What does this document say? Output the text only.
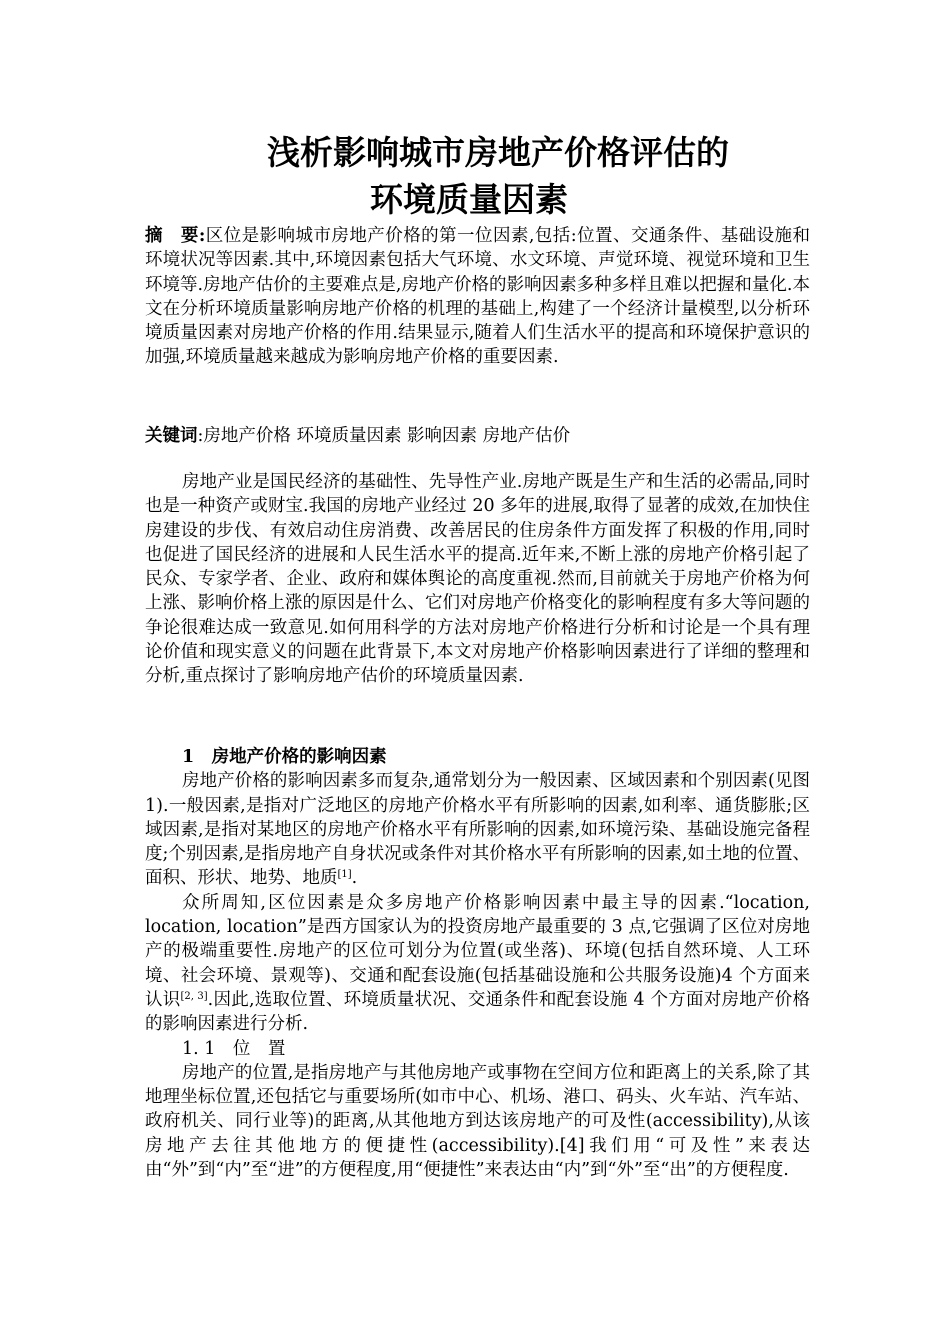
浅析影响城市房地产价格评估的
环境质量因素
摘　要:区位是影响城市房地产价格的第一位因素,包括:位置、交通条件、基础设施和环境状况等因素.其中,环境因素包括大气环境、水文环境、声觉环境、视觉环境和卫生环境等.房地产估价的主要难点是,房地产价格的影响因素多种多样且难以把握和量化.本文在分析环境质量影响房地产价格的机理的基础上,构建了一个经济计量模型,以分析环境质量因素对房地产价格的作用.结果显示,随着人们生活水平的提高和环境保护意识的加强,环境质量越来越成为影响房地产价格的重要因素.
关键词:房地产价格 环境质量因素 影响因素 房地产估价
房地产业是国民经济的基础性、先导性产业.房地产既是生产和生活的必需品,同时也是一种资产或财宝.我国的房地产业经过 20 多年的进展,取得了显著的成效,在加快住房建设的步伐、有效启动住房消费、改善居民的住房条件方面发挥了积极的作用,同时也促进了国民经济的进展和人民生活水平的提高.近年来,不断上涨的房地产价格引起了民众、专家学者、企业、政府和媒体舆论的高度重视.然而,目前就关于房地产价格为何上涨、影响价格上涨的原因是什么、它们对房地产价格变化的影响程度有多大等问题的争论很难达成一致意见.如何用科学的方法对房地产价格进行分析和讨论是一个具有理论价值和现实意义的问题在此背景下,本文对房地产价格影响因素进行了详细的整理和分析,重点探讨了影响房地产估价的环境质量因素.
1　房地产价格的影响因素

房地产价格的影响因素多而复杂,通常划分为一般因素、区域因素和个别因素(见图 1).一般因素,是指对广泛地区的房地产价格水平有所影响的因素,如利率、通货膨胀;区域因素,是指对某地区的房地产价格水平有所影响的因素,如环境污染、基础设施完备程度;个别因素,是指房地产自身状况或条件对其价格水平有所影响的因素,如土地的位置、面积、形状、地势、地质[1].

众所周知,区位因素是众多房地产价格影响因素中最主导的因素.“location, location, location”是西方国家认为的投资房地产最重要的 3 点,它强调了区位对房地产的极端重要性.房地产的区位可划分为位置(或坐落)、环境(包括自然环境、人工环境、社会环境、景观等)、交通和配套设施(包括基础设施和公共服务设施)4 个方面来认识[2, 3].因此,选取位置、环境质量状况、交通条件和配套设施 4 个方面对房地产价格的影响因素进行分析.

1. 1　位　置

房地产的位置,是指房地产与其他房地产或事物在空间方位和距离上的关系,除了其地理坐标位置,还包括它与重要场所(如市中心、机场、港口、码头、火车站、汽车站、政府机关、同行业等)的距离,从其他地方到达该房地产的可及性(accessibility),从该房地产去往其他地方的便捷性(accessibility).[4]我们用“可及性”来表达由“外”到“内”至“进”的方便程度,用“便捷性”来表达由“内”到“外”至“出”的方便程度.
